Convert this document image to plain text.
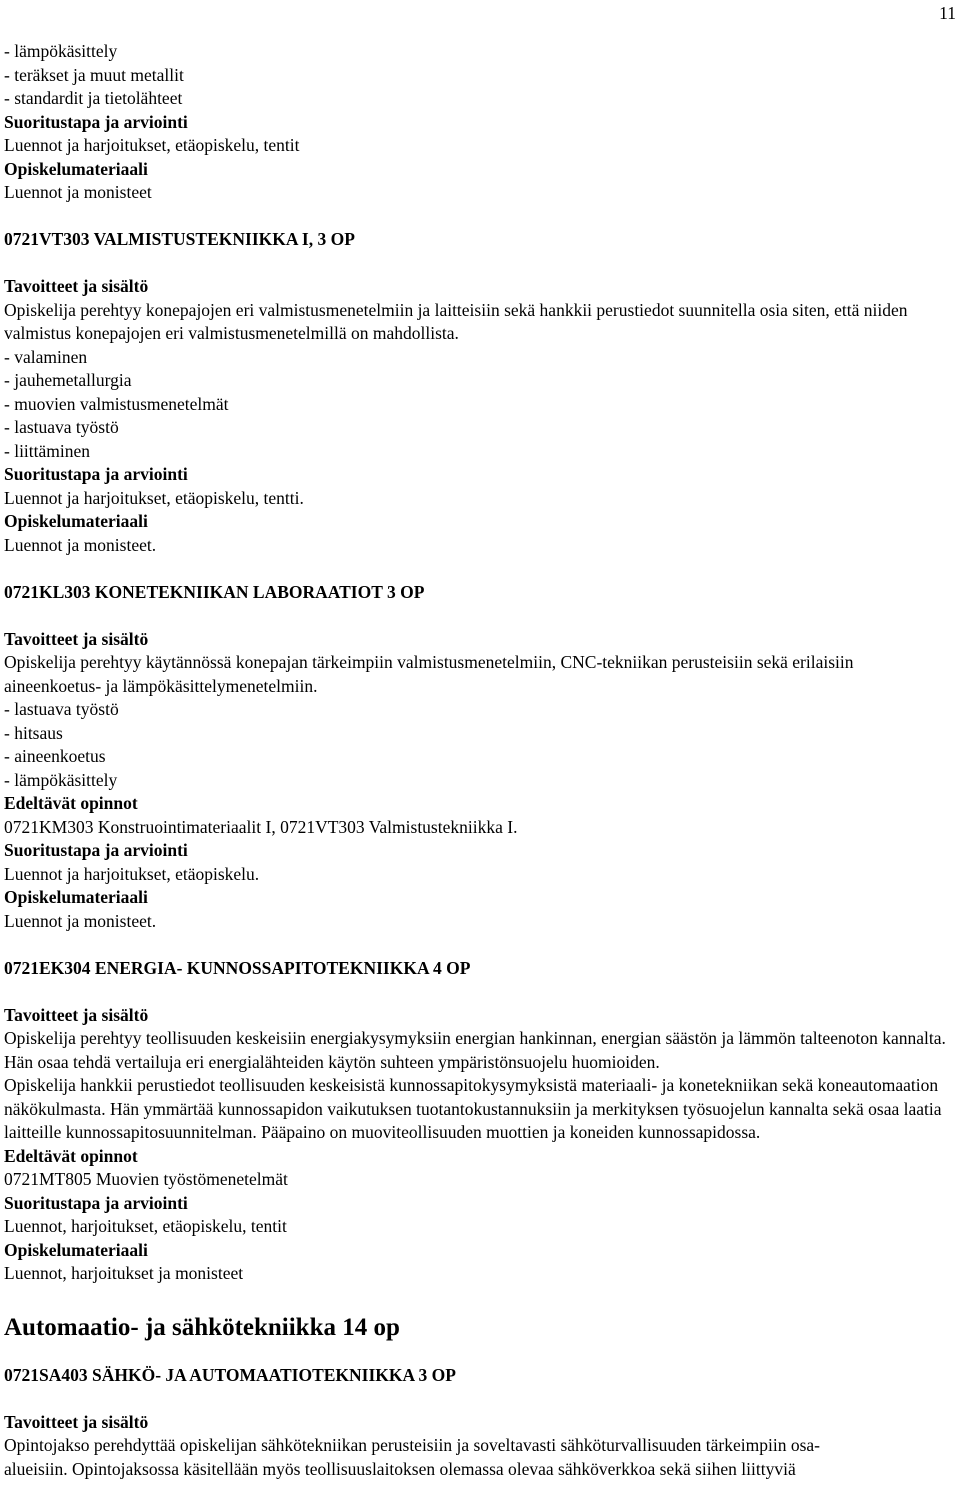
11
- lämpökäsittely
- teräkset ja muut metallit
- standardit ja tietolähteet
Suoritustapa ja arviointi
Luennot ja harjoitukset, etäopiskelu, tentit
Opiskelumateriaali
Luennot ja monisteet
0721VT303 VALMISTUSTEKNIIKKA I, 3 OP
Tavoitteet ja sisältö
Opiskelija perehtyy konepajojen eri valmistusmenetelmiin ja laitteisiin sekä hankkii perustiedot suunnitella osia siten, että niiden valmistus konepajojen eri valmistusmenetelmillä on mahdollista.
- valaminen
- jauhemetallurgia
- muovien valmistusmenetelmät
- lastuava työstö
- liittäminen
Suoritustapa ja arviointi
Luennot ja harjoitukset, etäopiskelu, tentti.
Opiskelumateriaali
Luennot ja monisteet.
0721KL303 KONETEKNIIKAN LABORAATIOT 3 OP
Tavoitteet ja sisältö
Opiskelija perehtyy käytännössä konepajan tärkeimpiin valmistusmenetelmiin, CNC-tekniikan perusteisiin sekä erilaisiin aineenkoetus- ja lämpökäsittelymenetelmiin.
- lastuava työstö
- hitsaus
- aineenkoetus
- lämpökäsittely
Edeltävät opinnot
0721KM303 Konstruointimateriaalit I, 0721VT303 Valmistustekniikka I.
Suoritustapa ja arviointi
Luennot ja harjoitukset, etäopiskelu.
Opiskelumateriaali
Luennot ja monisteet.
0721EK304 ENERGIA- KUNNOSSAPITOTEKNIIKKA 4 OP
Tavoitteet ja sisältö
Opiskelija perehtyy teollisuuden keskeisiin energiakysymyksiin energian hankinnan, energian säästön ja lämmön talteenoton kannalta. Hän osaa tehdä vertailuja eri energialähteiden käytön suhteen ympäristönsuojelu huomioiden.
Opiskelija hankkii perustiedot teollisuuden keskeisistä kunnossapitokysymyksistä materiaali- ja konetekniikan sekä koneautomaation näkökulmasta. Hän ymmärtää kunnossapidon vaikutuksen tuotantokustannuksiin ja merkityksen työsuojelun kannalta sekä osaa laatia laitteille kunnossapitosuunnitelman. Pääpaino on muoviteollisuuden muottien ja koneiden kunnossapidossa.
Edeltävät opinnot
0721MT805 Muovien työstömenetelmät
Suoritustapa ja arviointi
Luennot, harjoitukset, etäopiskelu, tentit
Opiskelumateriaali
Luennot, harjoitukset ja monisteet
Automaatio- ja sähkötekniikka 14 op
0721SA403 SÄHKÖ- JA AUTOMAATIOTEKNIIKKA 3 OP
Tavoitteet ja sisältö
Opintojakso perehdyttää opiskelijan sähkötekniikan perusteisiin ja soveltavasti sähköturvallisuuden tärkeimpiin osa-
alueisiin. Opintojaksossa käsitellään myös teollisuuslaitoksen olemassa olevaa sähköverkkoa sekä siihen liittyviä
